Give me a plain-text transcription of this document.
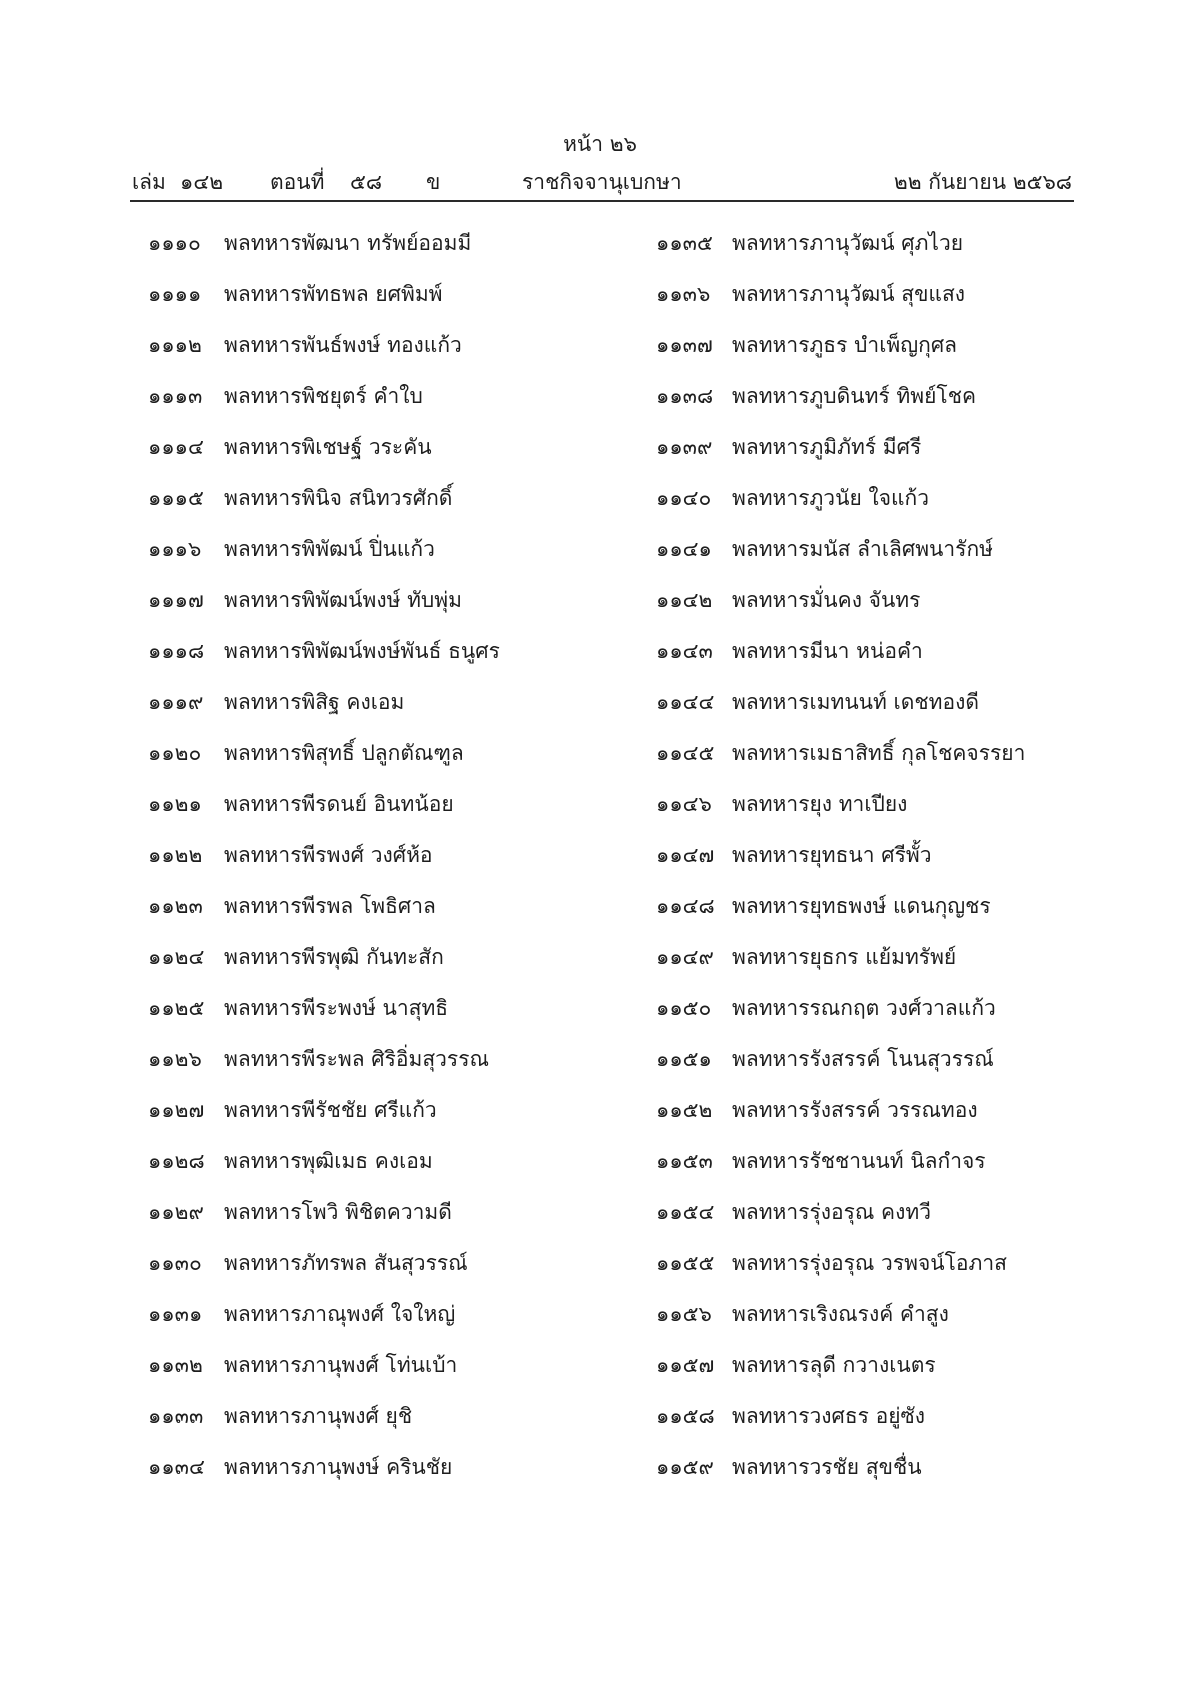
หน้า ๒๖
เล่ม ๑๔๒ ตอนที่ ๕๘ ข	ราชกิจจานุเบกษา	๒๒ กันยายน ๒๕๖๘
๑๑๑๐ พลทหารพัฒนา ทรัพย์ออมมี
๑๑๑๑ พลทหารพัทธพล ยศพิมพ์
๑๑๑๒ พลทหารพันธ์พงษ์ ทองแก้ว
๑๑๑๓ พลทหารพิชยุตร์ คำใบ
๑๑๑๔ พลทหารพิเชษฐ์ วระคัน
๑๑๑๕ พลทหารพินิจ สนิทวรศักดิ์
๑๑๑๖ พลทหารพิพัฒน์ ปิ่นแก้ว
๑๑๑๗ พลทหารพิพัฒน์พงษ์ ทับพุ่ม
๑๑๑๘ พลทหารพิพัฒน์พงษ์พันธ์ ธนูศร
๑๑๑๙ พลทหารพิสิฐ คงเอม
๑๑๒๐ พลทหารพิสุทธิ์ ปลูกตัณฑูล
๑๑๒๑ พลทหารพีรดนย์ อินทน้อย
๑๑๒๒ พลทหารพีรพงศ์ วงศ์ห้อ
๑๑๒๓ พลทหารพีรพล โพธิศาล
๑๑๒๔ พลทหารพีรพุฒิ กันทะสัก
๑๑๒๕ พลทหารพีระพงษ์ นาสุทธิ
๑๑๒๖ พลทหารพีระพล ศิริอิ่มสุวรรณ
๑๑๒๗ พลทหารพีรัชชัย ศรีแก้ว
๑๑๒๘ พลทหารพุฒิเมธ คงเอม
๑๑๒๙ พลทหารโพวิ พิชิตความดี
๑๑๓๐ พลทหารภัทรพล สันสุวรรณ์
๑๑๓๑ พลทหารภาณุพงศ์ ใจใหญ่
๑๑๓๒ พลทหารภานุพงศ์ โท่นเบ้า
๑๑๓๓ พลทหารภานุพงศ์ ยุชิ
๑๑๓๔ พลทหารภานุพงษ์ ครินชัย
๑๑๓๕ พลทหารภานุวัฒน์ ศุภไวย
๑๑๓๖ พลทหารภานุวัฒน์ สุขแสง
๑๑๓๗ พลทหารภูธร บำเพ็ญกุศล
๑๑๓๘ พลทหารภูบดินทร์ ทิพย์โชค
๑๑๓๙ พลทหารภูมิภัทร์ มีศรี
๑๑๔๐ พลทหารภูวนัย ใจแก้ว
๑๑๔๑ พลทหารมนัส ลำเลิศพนารักษ์
๑๑๔๒ พลทหารมั่นคง จันทร
๑๑๔๓ พลทหารมีนา หน่อคำ
๑๑๔๔ พลทหารเมทนนท์ เดชทองดี
๑๑๔๕ พลทหารเมธาสิทธิ์ กุลโชคจรรยา
๑๑๔๖ พลทหารยุง ทาเปียง
๑๑๔๗ พลทหารยุทธนา ศรีพั้ว
๑๑๔๘ พลทหารยุทธพงษ์ แดนกุญชร
๑๑๔๙ พลทหารยุธกร แย้มทรัพย์
๑๑๕๐ พลทหารรณกฤต วงศ์วาลแก้ว
๑๑๕๑ พลทหารรังสรรค์ โนนสุวรรณ์
๑๑๕๒ พลทหารรังสรรค์ วรรณทอง
๑๑๕๓ พลทหารรัชชานนท์ นิลกำจร
๑๑๕๔ พลทหารรุ่งอรุณ คงทวี
๑๑๕๕ พลทหารรุ่งอรุณ วรพจน์โอภาส
๑๑๕๖ พลทหารเริงณรงค์ คำสูง
๑๑๕๗ พลทหารลุดี กวางเนตร
๑๑๕๘ พลทหารวงศธร อยู่ซัง
๑๑๕๙ พลทหารวรชัย สุขชื่น
